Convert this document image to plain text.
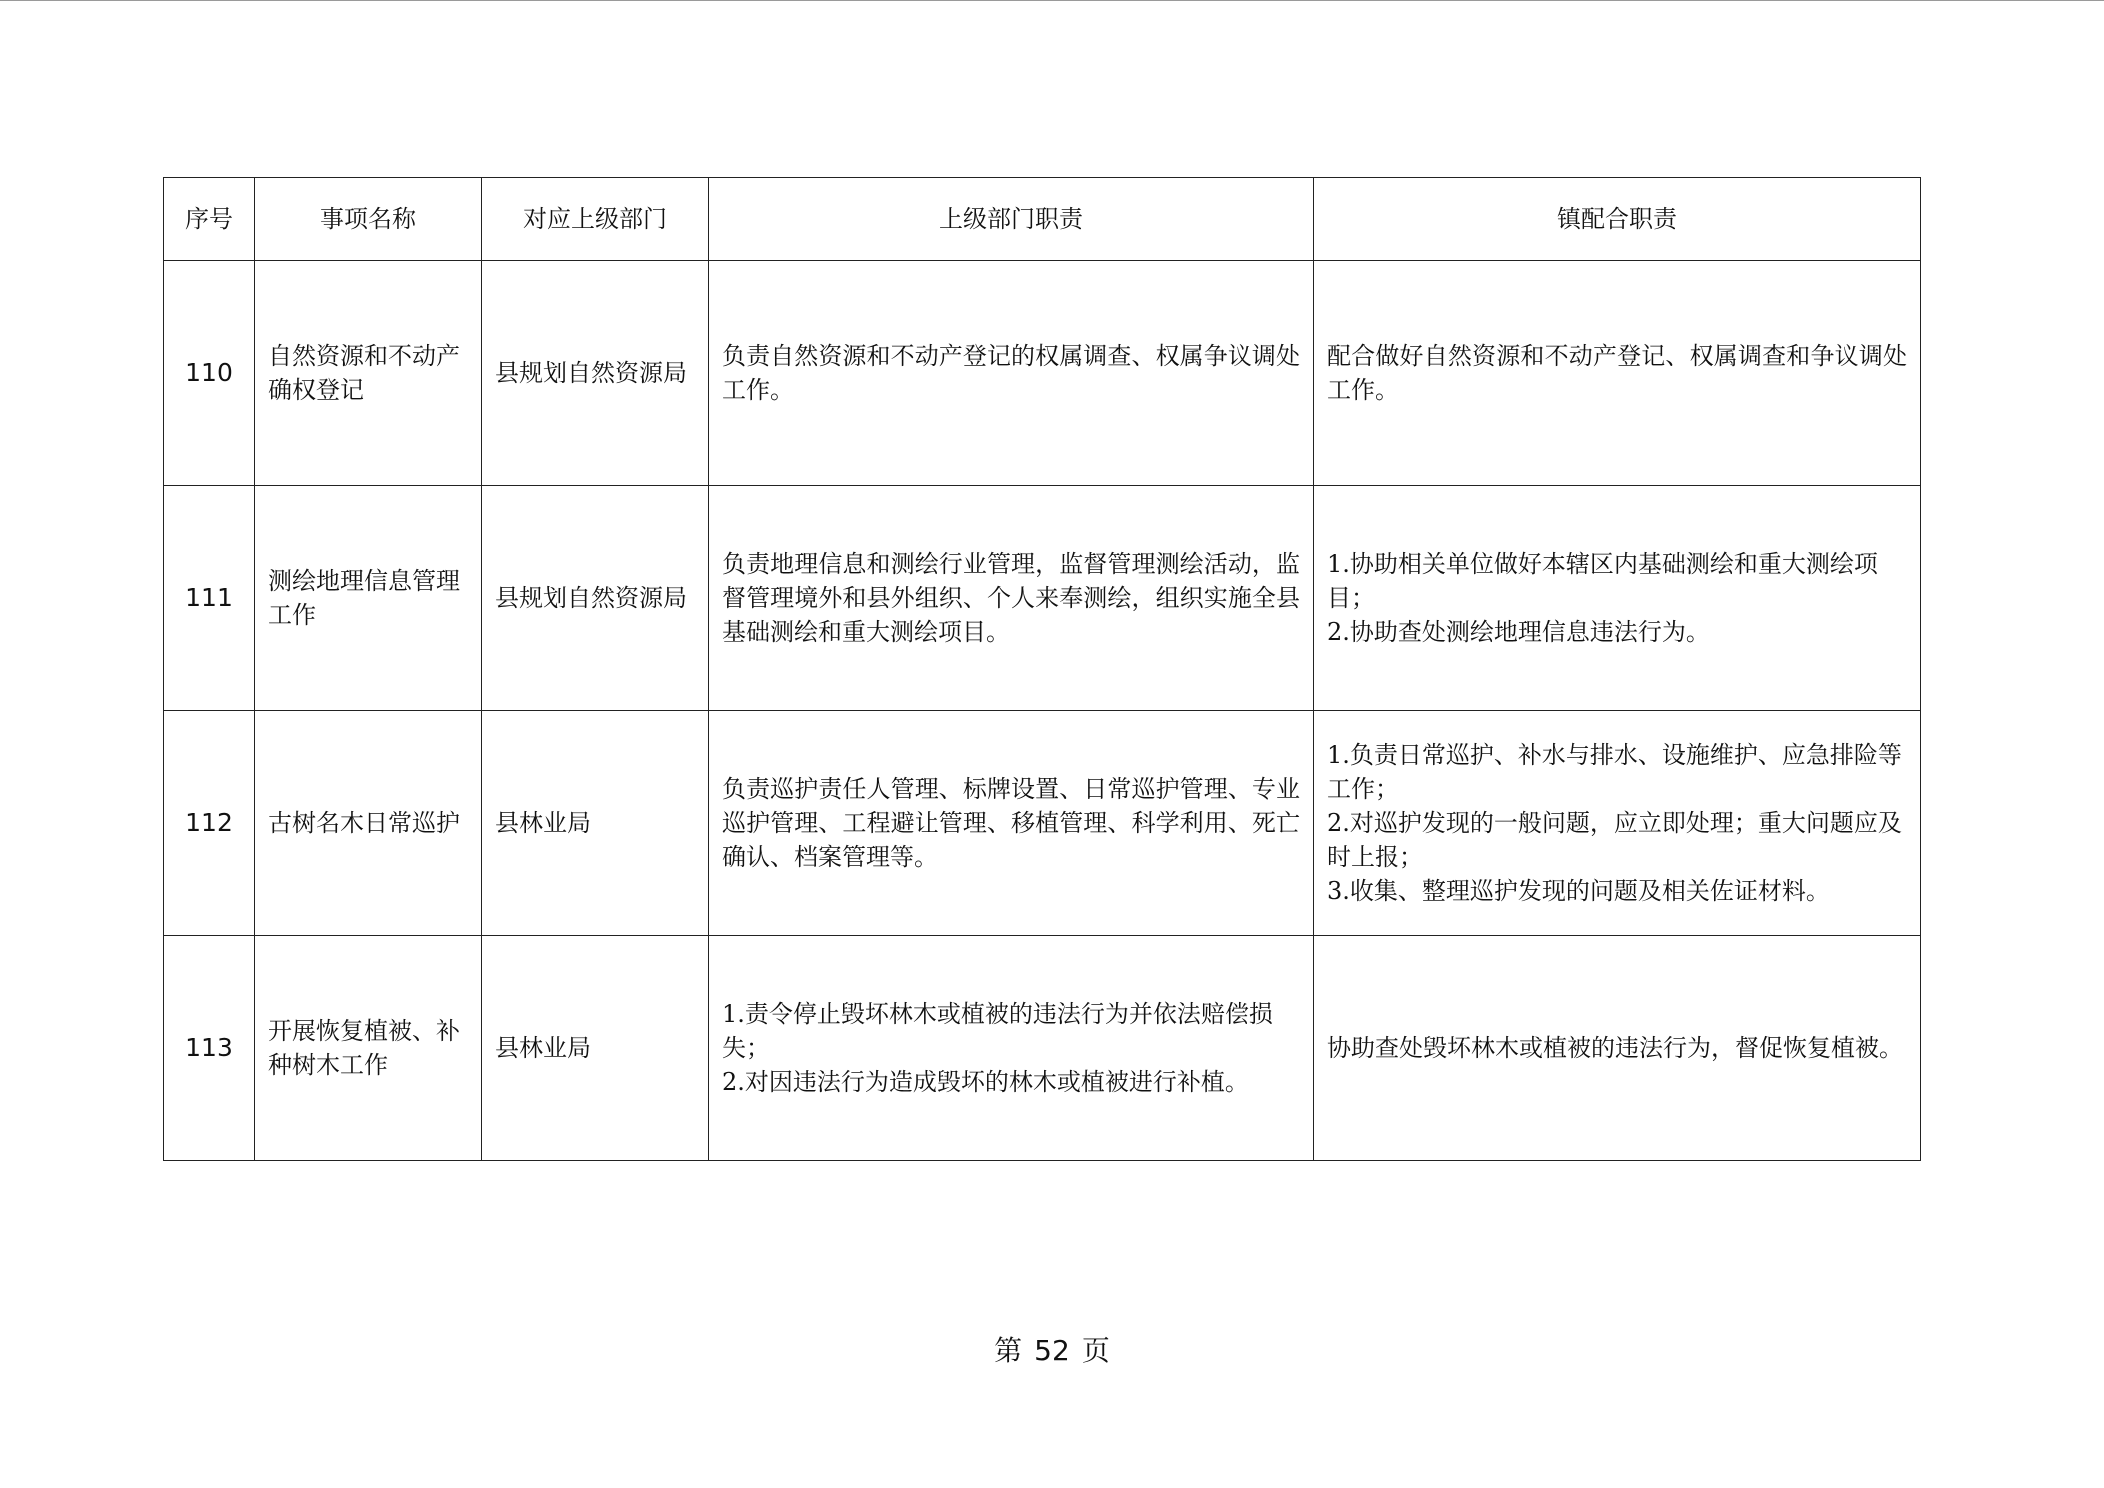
序号	事项名称	对应上级部门	上级部门职责	镇配合职责
110	自然资源和不动产确权登记	县规划自然资源局	负责自然资源和不动产登记的权属调查、权属争议调处工作。	配合做好自然资源和不动产登记、权属调查和争议调处工作。

111	测绘地理信息管理工作	县规划自然资源局	负责地理信息和测绘行业管理，监督管理测绘活动，监督管理境外和县外组织、个人来奉测绘，组织实施全县基础测绘和重大测绘项目。	1.协助相关单位做好本辖区内基础测绘和重大测绘项目；
2.协助查处测绘地理信息违法行为。

112	古树名木日常巡护	县林业局	负责巡护责任人管理、标牌设置、日常巡护管理、专业巡护管理、工程避让管理、移植管理、科学利用、死亡确认、档案管理等。	1.负责日常巡护、补水与排水、设施维护、应急排险等工作；
2.对巡护发现的一般问题，应立即处理；重大问题应及时上报；
3.收集、整理巡护发现的问题及相关佐证材料。

113	开展恢复植被、补种树木工作	县林业局	1.责令停止毁坏林木或植被的违法行为并依法赔偿损失；
2.对因违法行为造成毁坏的林木或植被进行补植。	协助查处毁坏林木或植被的违法行为，督促恢复植被。
第 52 页
